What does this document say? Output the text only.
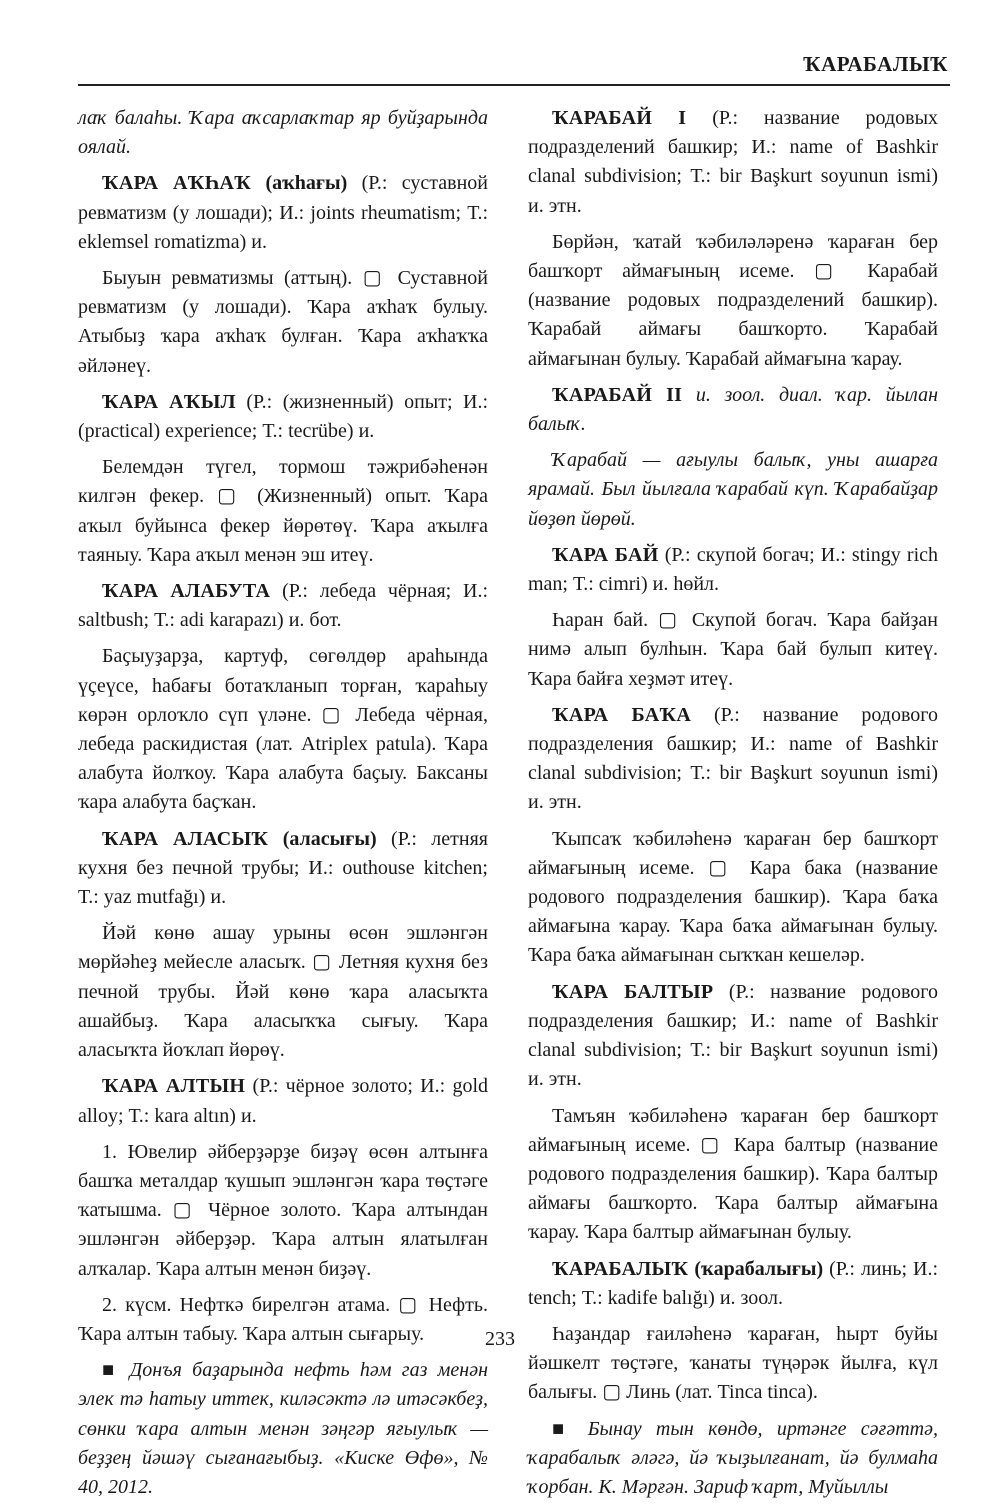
ҠАРАБАЛЫҠ

лаҡ балаһы. Ҡара аҡсарлаҡтар яр буйҙарында оялай.

ҠАРА АҠҺАҠ (аҡһағы) (Р.: суставной ревматизм (у лошади); И.: joints rheumatism; Т.: eklemsel romatizma) и.

Быуын ревматизмы (аттың). ▢ Суставной ревматизм (у лошади). Ҡара аҡһаҡ булыу. Атыбыҙ ҡара аҡһаҡ булған. Ҡара аҡһаҡҡа әйләнеү.

ҠАРА АҠЫЛ (Р.: (жизненный) опыт; И.: (practical) experience; Т.: tecrübe) и.

Белемдән түгел, тормош тәжрибәһенән килгән фекер. ▢ (Жизненный) опыт. Ҡара аҡыл буйынса фекер йөрөтөү. Ҡара аҡылға таяныу. Ҡара аҡыл менән эш итеү.

ҠАРА АЛАБУТА (Р.: лебеда чёрная; И.: saltbush; Т.: adi karapazı) и. бот.

Баҫыуҙарҙа, картуф, сөгөлдөр араһында үҫеүсе, һабағы ботаҡланып торған, ҡараһыу көрән орлоҡло сүп үләне. ▢ Лебеда чёрная, лебеда раскидистая (лат. Atriplex patula). Ҡара алабута йолҡоу. Ҡара алабута баҫыу. Баксаны ҡара алабута баҫҡан.

ҠАРА АЛАСЫҠ (аласығы) (Р.: летняя кухня без печной трубы; И.: outhouse kitchen; Т.: yaz mutfağı) и.

Йәй көнө ашау урыны өсөн эшләнгән мөрйәһеҙ мейесле аласыҡ. ▢ Летняя кухня без печной трубы. Йәй көнө ҡара аласыҡта ашайбыҙ. Ҡара аласыҡҡа сығыу. Ҡара аласыҡта йоҡлап йөрөү.

ҠАРА АЛТЫН (Р.: чёрное золото; И.: gold alloy; Т.: kara altın) и.

1. Ювелир әйберҙәрҙе биҙәү өсөн алтынға башҡа металдар ҡушып эшләнгән ҡара төҫтәге ҡатышма. ▢ Чёрное золото. Ҡара алтындан эшләнгән әйберҙәр. Ҡара алтын ялатылған алҡалар. Ҡара алтын менән биҙәү.

2. күсм. Нефткә бирелгән атама. ▢ Нефть. Ҡара алтын табыу. Ҡара алтын сығарыу.

■ Донъя баҙарында нефть һәм газ менән элек тә һатыу иттек, киләсәктә лә итәсәкбеҙ, сөнки ҡара алтын менән зәңгәр яғыулыҡ — беҙҙең йәшәү сығанағыбыҙ. «Киске Өфө», № 40, 2012.

ҠАРАБАЙ I (Р.: название родовых подразделений башкир; И.: name of Bashkir clanal subdivision; Т.: bir Başkurt soyunun ismi) и. этн.

Бөрйән, ҡатай ҡәбиләләренә ҡараған бер башҡорт аймағының исеме. ▢ Карабай (название родовых подразделений башкир). Ҡарабай аймағы башҡорто. Ҡарабай аймағынан булыу. Ҡарабай аймағына ҡарау.

ҠАРАБАЙ II и. зоол. диал. ҡар. йылан балыҡ.

Ҡарабай — ағыулы балыҡ, уны ашарға ярамай. Был йылғала ҡарабай күп. Ҡарабайҙар йөҙөп йөрөй.

ҠАРА БАЙ (Р.: скупой богач; И.: stingy rich man; Т.: cimri) и. һөйл.

Һаран бай. ▢ Скупой богач. Ҡара байҙан нимә алып булһын. Ҡара бай булып китеү. Ҡара байға хеҙмәт итеү.

ҠАРА БАҠА (Р.: название родового подразделения башкир; И.: name of Bashkir clanal subdivision; Т.: bir Başkurt soyunun ismi) и. этн.

Ҡыпсаҡ ҡәбиләһенә ҡараған бер башҡорт аймағының исеме. ▢ Кара бака (название родового подразделения башкир). Ҡара баҡа аймағына ҡарау. Ҡара баҡа аймағынан булыу. Ҡара баҡа аймағынан сыҡҡан кешеләр.

ҠАРА БАЛТЫР (Р.: название родового подразделения башкир; И.: name of Bashkir clanal subdivision; Т.: bir Başkurt soyunun ismi) и. этн.

Тамъян ҡәбиләһенә ҡараған бер башҡорт аймағының исеме. ▢ Кара балтыр (название родового подразделения башкир). Ҡара балтыр аймағы башҡорто. Ҡара балтыр аймағына ҡарау. Ҡара балтыр аймағынан булыу.

ҠАРАБАЛЫҠ (ҡарабалығы) (Р.: линь; И.: tench; Т.: kadife balığı) и. зоол.

Һаҙандар ғаиләһенә ҡараған, һырт буйы йәшкелт төҫтәге, ҡанаты түңәрәк йылға, күл балығы. ▢ Линь (лат. Tinca tinca).

■ Бынау тын көндө, иртәнге сәғәттә, ҡарабалыҡ әләгә, йә ҡыҙылғанат, йә булмаһа ҡорбан. К. Мәрғән. Зариф ҡарт, Муйыллы

233
